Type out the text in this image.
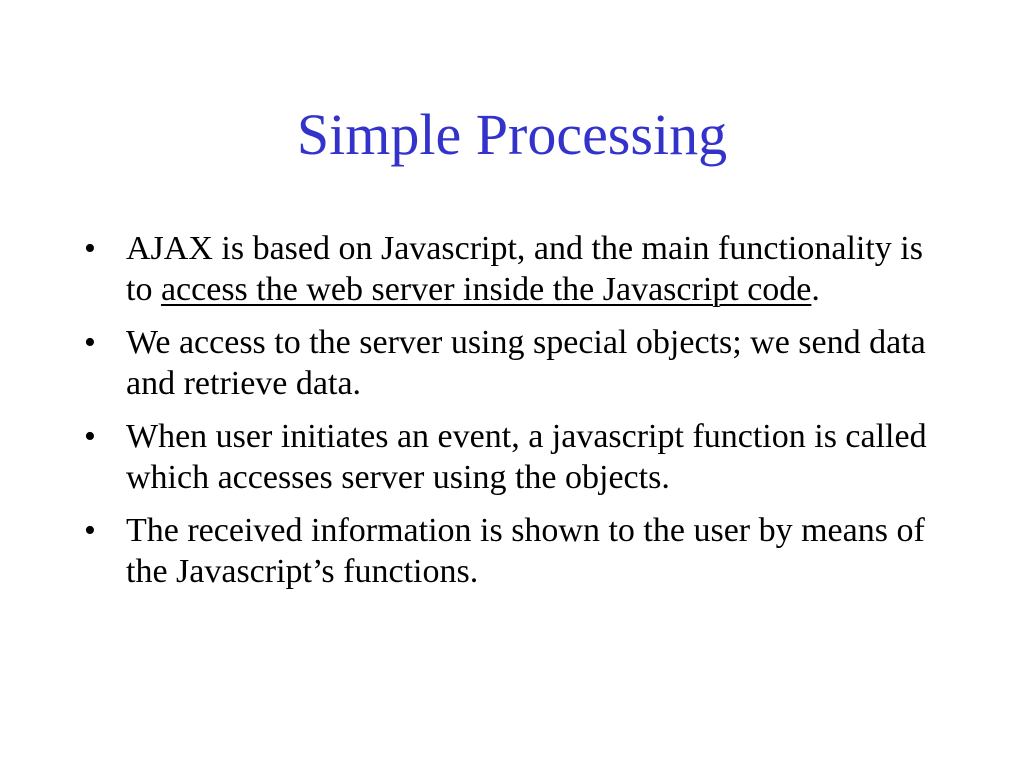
Simple Processing
• AJAX is based on Javascript, and the main functionality is to access the web server inside the Javascript code.
• We access to the server using special objects; we send data and retrieve data.
• When user initiates an event, a javascript function is called which accesses server using the objects.
• The received information is shown to the user by means of the Javascript’s functions.
